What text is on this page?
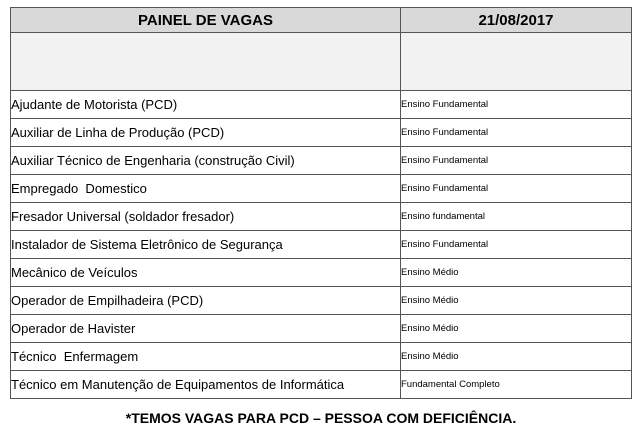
PAINEL DE VAGAS	21/08/2017

Ajudante de Motorista (PCD)	Ensino Fundamental
Auxiliar de Linha de Produção (PCD)	Ensino Fundamental
Auxiliar Técnico de Engenharia (construção Civil)	Ensino Fundamental
Empregado  Domestico	Ensino Fundamental
Fresador Universal (soldador fresador)	Ensino fundamental
Instalador de Sistema Eletrônico de Segurança	Ensino Fundamental
Mecânico de Veículos	Ensino Médio
Operador de Empilhadeira (PCD)	Ensino Médio
Operador de Havister	Ensino Médio
Técnico  Enfermagem	Ensino Médio
Técnico em Manutenção de Equipamentos de Informática	Fundamental Completo
*TEMOS VAGAS PARA PCD – PESSOA COM DEFICIÊNCIA.
